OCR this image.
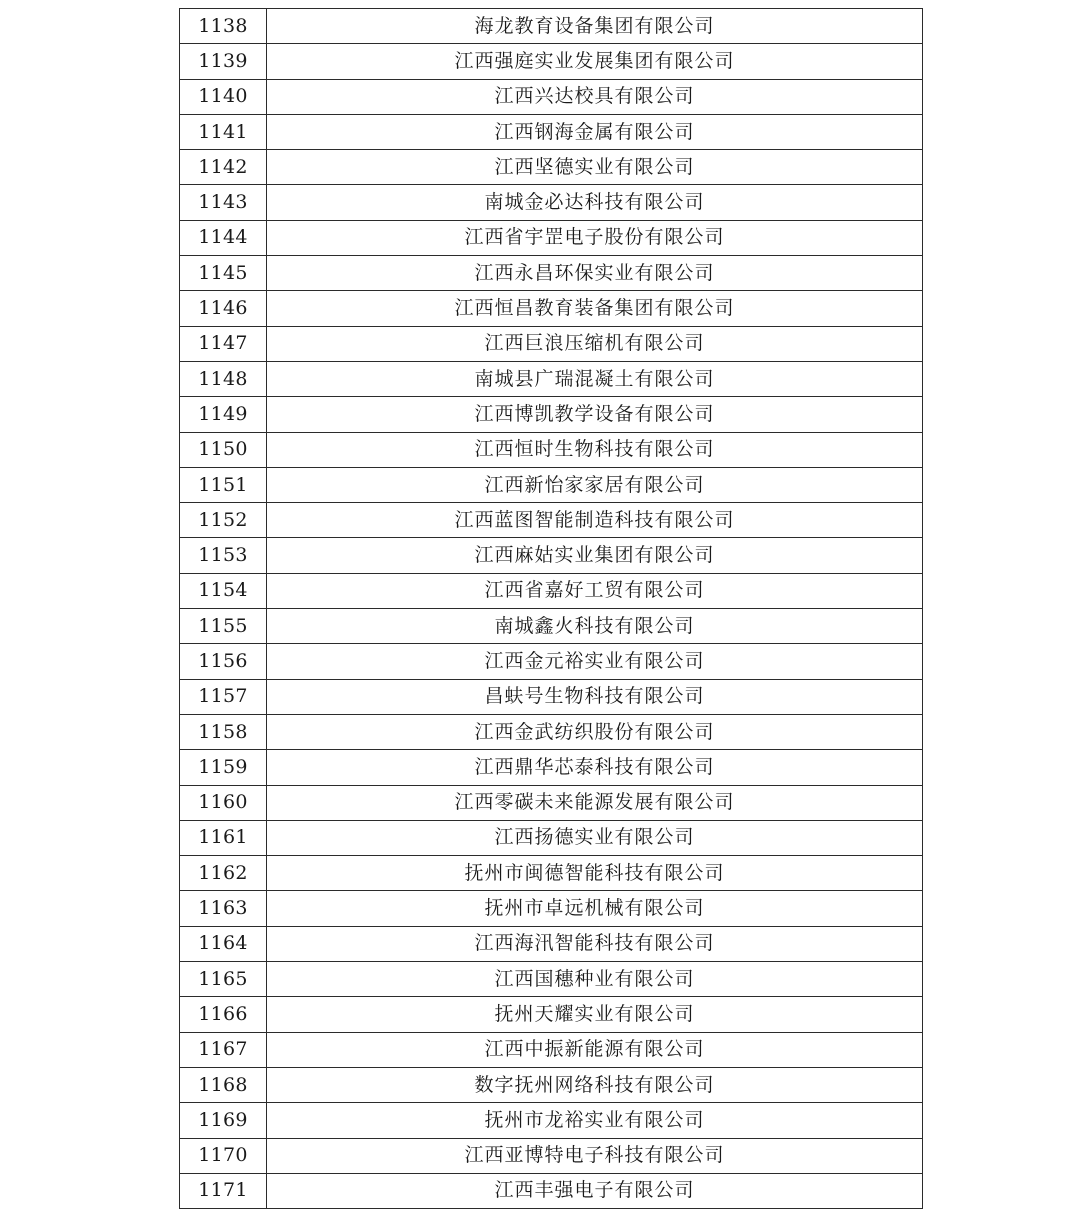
1138	海龙教育设备集团有限公司
1139	江西强庭实业发展集团有限公司
1140	江西兴达校具有限公司
1141	江西钢海金属有限公司
1142	江西坚德实业有限公司
1143	南城金必达科技有限公司
1144	江西省宇罡电子股份有限公司
1145	江西永昌环保实业有限公司
1146	江西恒昌教育装备集团有限公司
1147	江西巨浪压缩机有限公司
1148	南城县广瑞混凝土有限公司
1149	江西博凯教学设备有限公司
1150	江西恒时生物科技有限公司
1151	江西新怡家家居有限公司
1152	江西蓝图智能制造科技有限公司
1153	江西麻姑实业集团有限公司
1154	江西省嘉好工贸有限公司
1155	南城鑫火科技有限公司
1156	江西金元裕实业有限公司
1157	昌蚨号生物科技有限公司
1158	江西金武纺织股份有限公司
1159	江西鼎华芯泰科技有限公司
1160	江西零碳未来能源发展有限公司
1161	江西扬德实业有限公司
1162	抚州市闽德智能科技有限公司
1163	抚州市卓远机械有限公司
1164	江西海汛智能科技有限公司
1165	江西国穗种业有限公司
1166	抚州天耀实业有限公司
1167	江西中振新能源有限公司
1168	数字抚州网络科技有限公司
1169	抚州市龙裕实业有限公司
1170	江西亚博特电子科技有限公司
1171	江西丰强电子有限公司
